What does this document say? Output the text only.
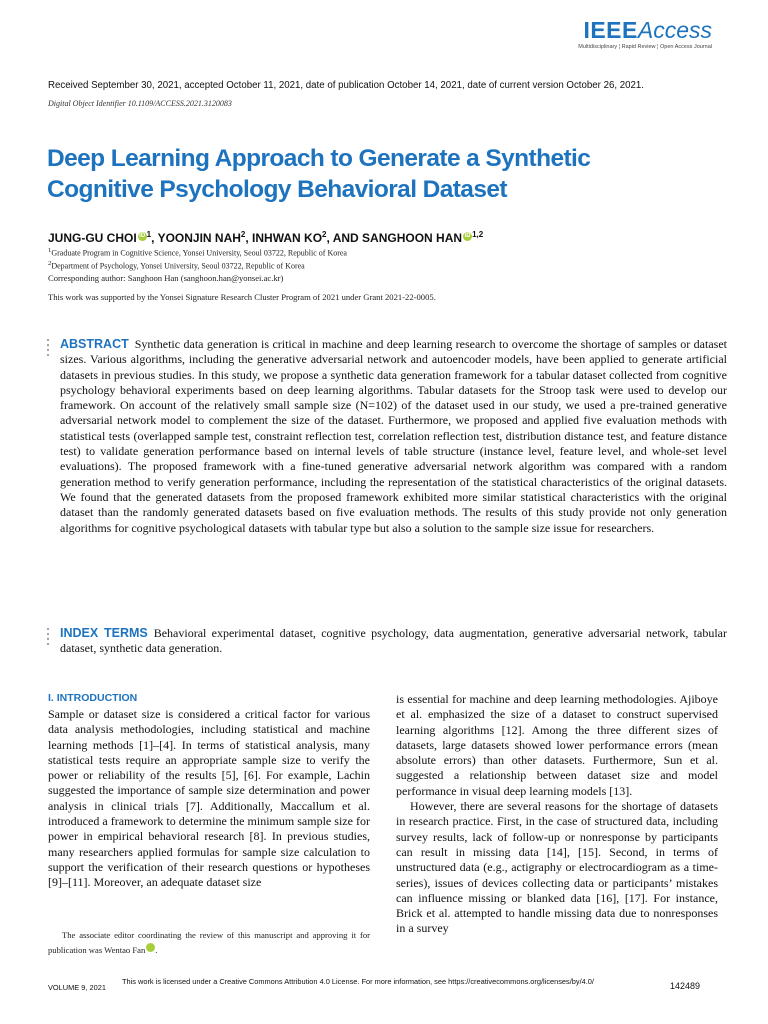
IEEEAccess
Multidisciplinary ¦ Rapid Review ¦ Open Access Journal
Received September 30, 2021, accepted October 11, 2021, date of publication October 14, 2021, date of current version October 26, 2021.
Digital Object Identifier 10.1109/ACCESS.2021.3120083
Deep Learning Approach to Generate a Synthetic Cognitive Psychology Behavioral Dataset
JUNG-GU CHOI iD $^1$, YOONJIN NAH$^2$, INHWAN $KO^2$, AND SANGHOON HAN iD $^{1,2}$
$^1$Graduate Program in Cognitive Science, Yonsei University, Seoul 03722, Republic of Korea
$^2$Department of Psychology, Yonsei University, Seoul 03722, Republic of Korea
Corresponding author: Sanghoon Han (sanghoon.han@yonsei.ac.kr)
This work was supported by the Yonsei Signature Research Cluster Program of 2021 under Grant 2021-22-0005.
ABSTRACT Synthetic data generation is critical in machine and deep learning research to overcome the shortage of samples or dataset sizes. Various algorithms, including the generative adversarial network and autoencoder models, have been applied to generate artificial datasets in previous studies. In this study, we propose a synthetic data generation framework for a tabular dataset collected from cognitive psychology behavioral experiments based on deep learning algorithms. Tabular datasets for the Stroop task were used to develop our framework. On account of the relatively small sample size (N=102) of the dataset used in our study, we used a pre-trained generative adversarial network model to complement the size of the dataset. Furthermore, we proposed and applied five evaluation methods with statistical tests (overlapped sample test, constraint reflection test, correlation reflection test, distribution distance test, and feature distance test) to validate generation performance based on internal levels of table structure (instance level, feature level, and whole-set level evaluations). The proposed framework with a fine-tuned generative adversarial network algorithm was compared with a random generation method to verify generation performance, including the representation of the statistical characteristics of the original datasets. We found that the generated datasets from the proposed framework exhibited more similar statistical characteristics with the original dataset than the randomly generated datasets based on five evaluation methods. The results of this study provide not only generation algorithms for cognitive psychological datasets with tabular type but also a solution to the sample size issue for researchers.
INDEX TERMS Behavioral experimental dataset, cognitive psychology, data augmentation, generative adversarial network, tabular dataset, synthetic data generation.
I. INTRODUCTION

Sample or dataset size is considered a critical factor for various data analysis methodologies, including statistical and machine learning methods [1]–[4]. In terms of statistical analysis, many statistical tests require an appropriate sample size to verify the power or reliability of the results [5], [6]. For example, Lachin suggested the importance of sample size determination and power analysis in clinical trials [7]. Additionally, Maccallum et al. introduced a framework to determine the minimum sample size for power in empirical behavioral research [8]. In previous studies, many researchers applied formulas for sample size calculation to support the verification of their research questions or hypotheses [9]–[11]. Moreover, an adequate dataset size

is essential for machine and deep learning methodologies. Ajiboye et al. emphasized the size of a dataset to construct supervised learning algorithms [12]. Among the three different sizes of datasets, large datasets showed lower performance errors (mean absolute errors) than other datasets. Furthermore, Sun et al. suggested a relationship between dataset size and model performance in visual deep learning models [13].

However, there are several reasons for the shortage of datasets in research practice. First, in the case of structured data, including survey results, lack of follow-up or nonresponse by participants can result in missing data [14], [15]. Second, in terms of unstructured data (e.g., actigraphy or electrocardiogram as a time-series), issues of devices collecting data or participants’ mistakes can influence missing or blanked data [16], [17]. For instance, Brick et al. attempted to handle missing data due to nonresponses in a survey

The associate editor coordinating the review of this manuscript and approving it for publication was Wentao Fan	iD.
This work is licensed under a Creative Commons Attribution 4.0 License. For more information, see https://creativecommons.org/licenses/by/4.0/
VOLUME 9, 2021	142489
